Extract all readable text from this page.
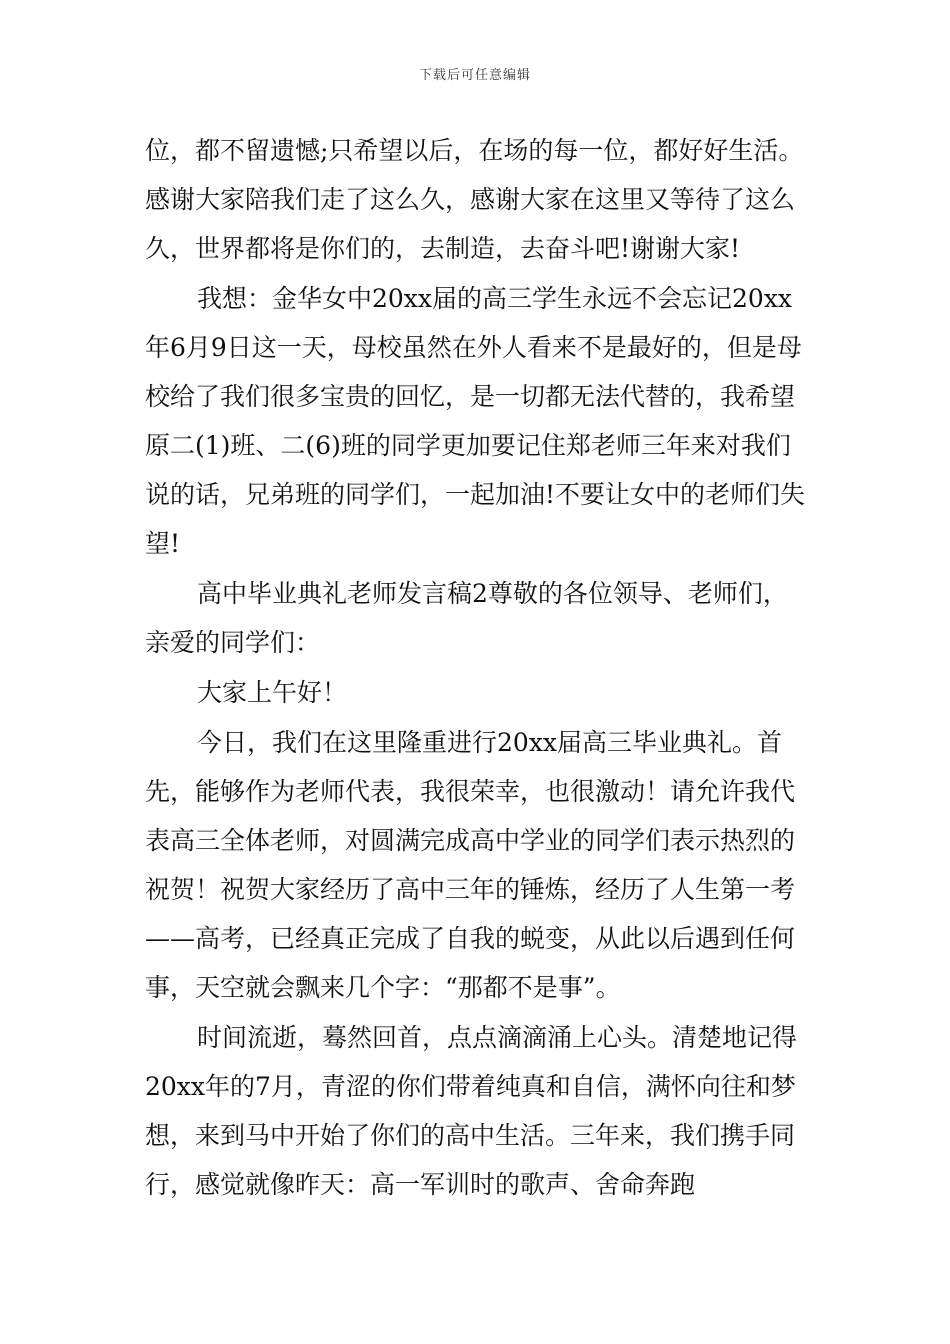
下载后可任意编辑

位，都不留遗憾;只希望以后，在场的每一位，都好好生活。感谢大家陪我们走了这么久，感谢大家在这里又等待了这么久，世界都将是你们的，去制造，去奋斗吧!谢谢大家!

我想：金华女中20xx届的高三学生永远不会忘记20xx年6月9日这一天，母校虽然在外人看来不是最好的，但是母校给了我们很多宝贵的回忆，是一切都无法代替的，我希望原二(1)班、二(6)班的同学更加要记住郑老师三年来对我们说的话，兄弟班的同学们，一起加油!不要让女中的老师们失望!

高中毕业典礼老师发言稿2尊敬的各位领导、老师们，亲爱的同学们：

大家上午好！

今日，我们在这里隆重进行20xx届高三毕业典礼。首先，能够作为老师代表，我很荣幸，也很激动！请允许我代表高三全体老师，对圆满完成高中学业的同学们表示热烈的祝贺！祝贺大家经历了高中三年的锤炼，经历了人生第一考——高考，已经真正完成了自我的蜕变，从此以后遇到任何事，天空就会飘来几个字：“那都不是事”。

时间流逝，蓦然回首，点点滴滴涌上心头。清楚地记得20xx年的7月，青涩的你们带着纯真和自信，满怀向往和梦想，来到马中开始了你们的高中生活。三年来，我们携手同行，感觉就像昨天：高一军训时的歌声、舍命奔跑
